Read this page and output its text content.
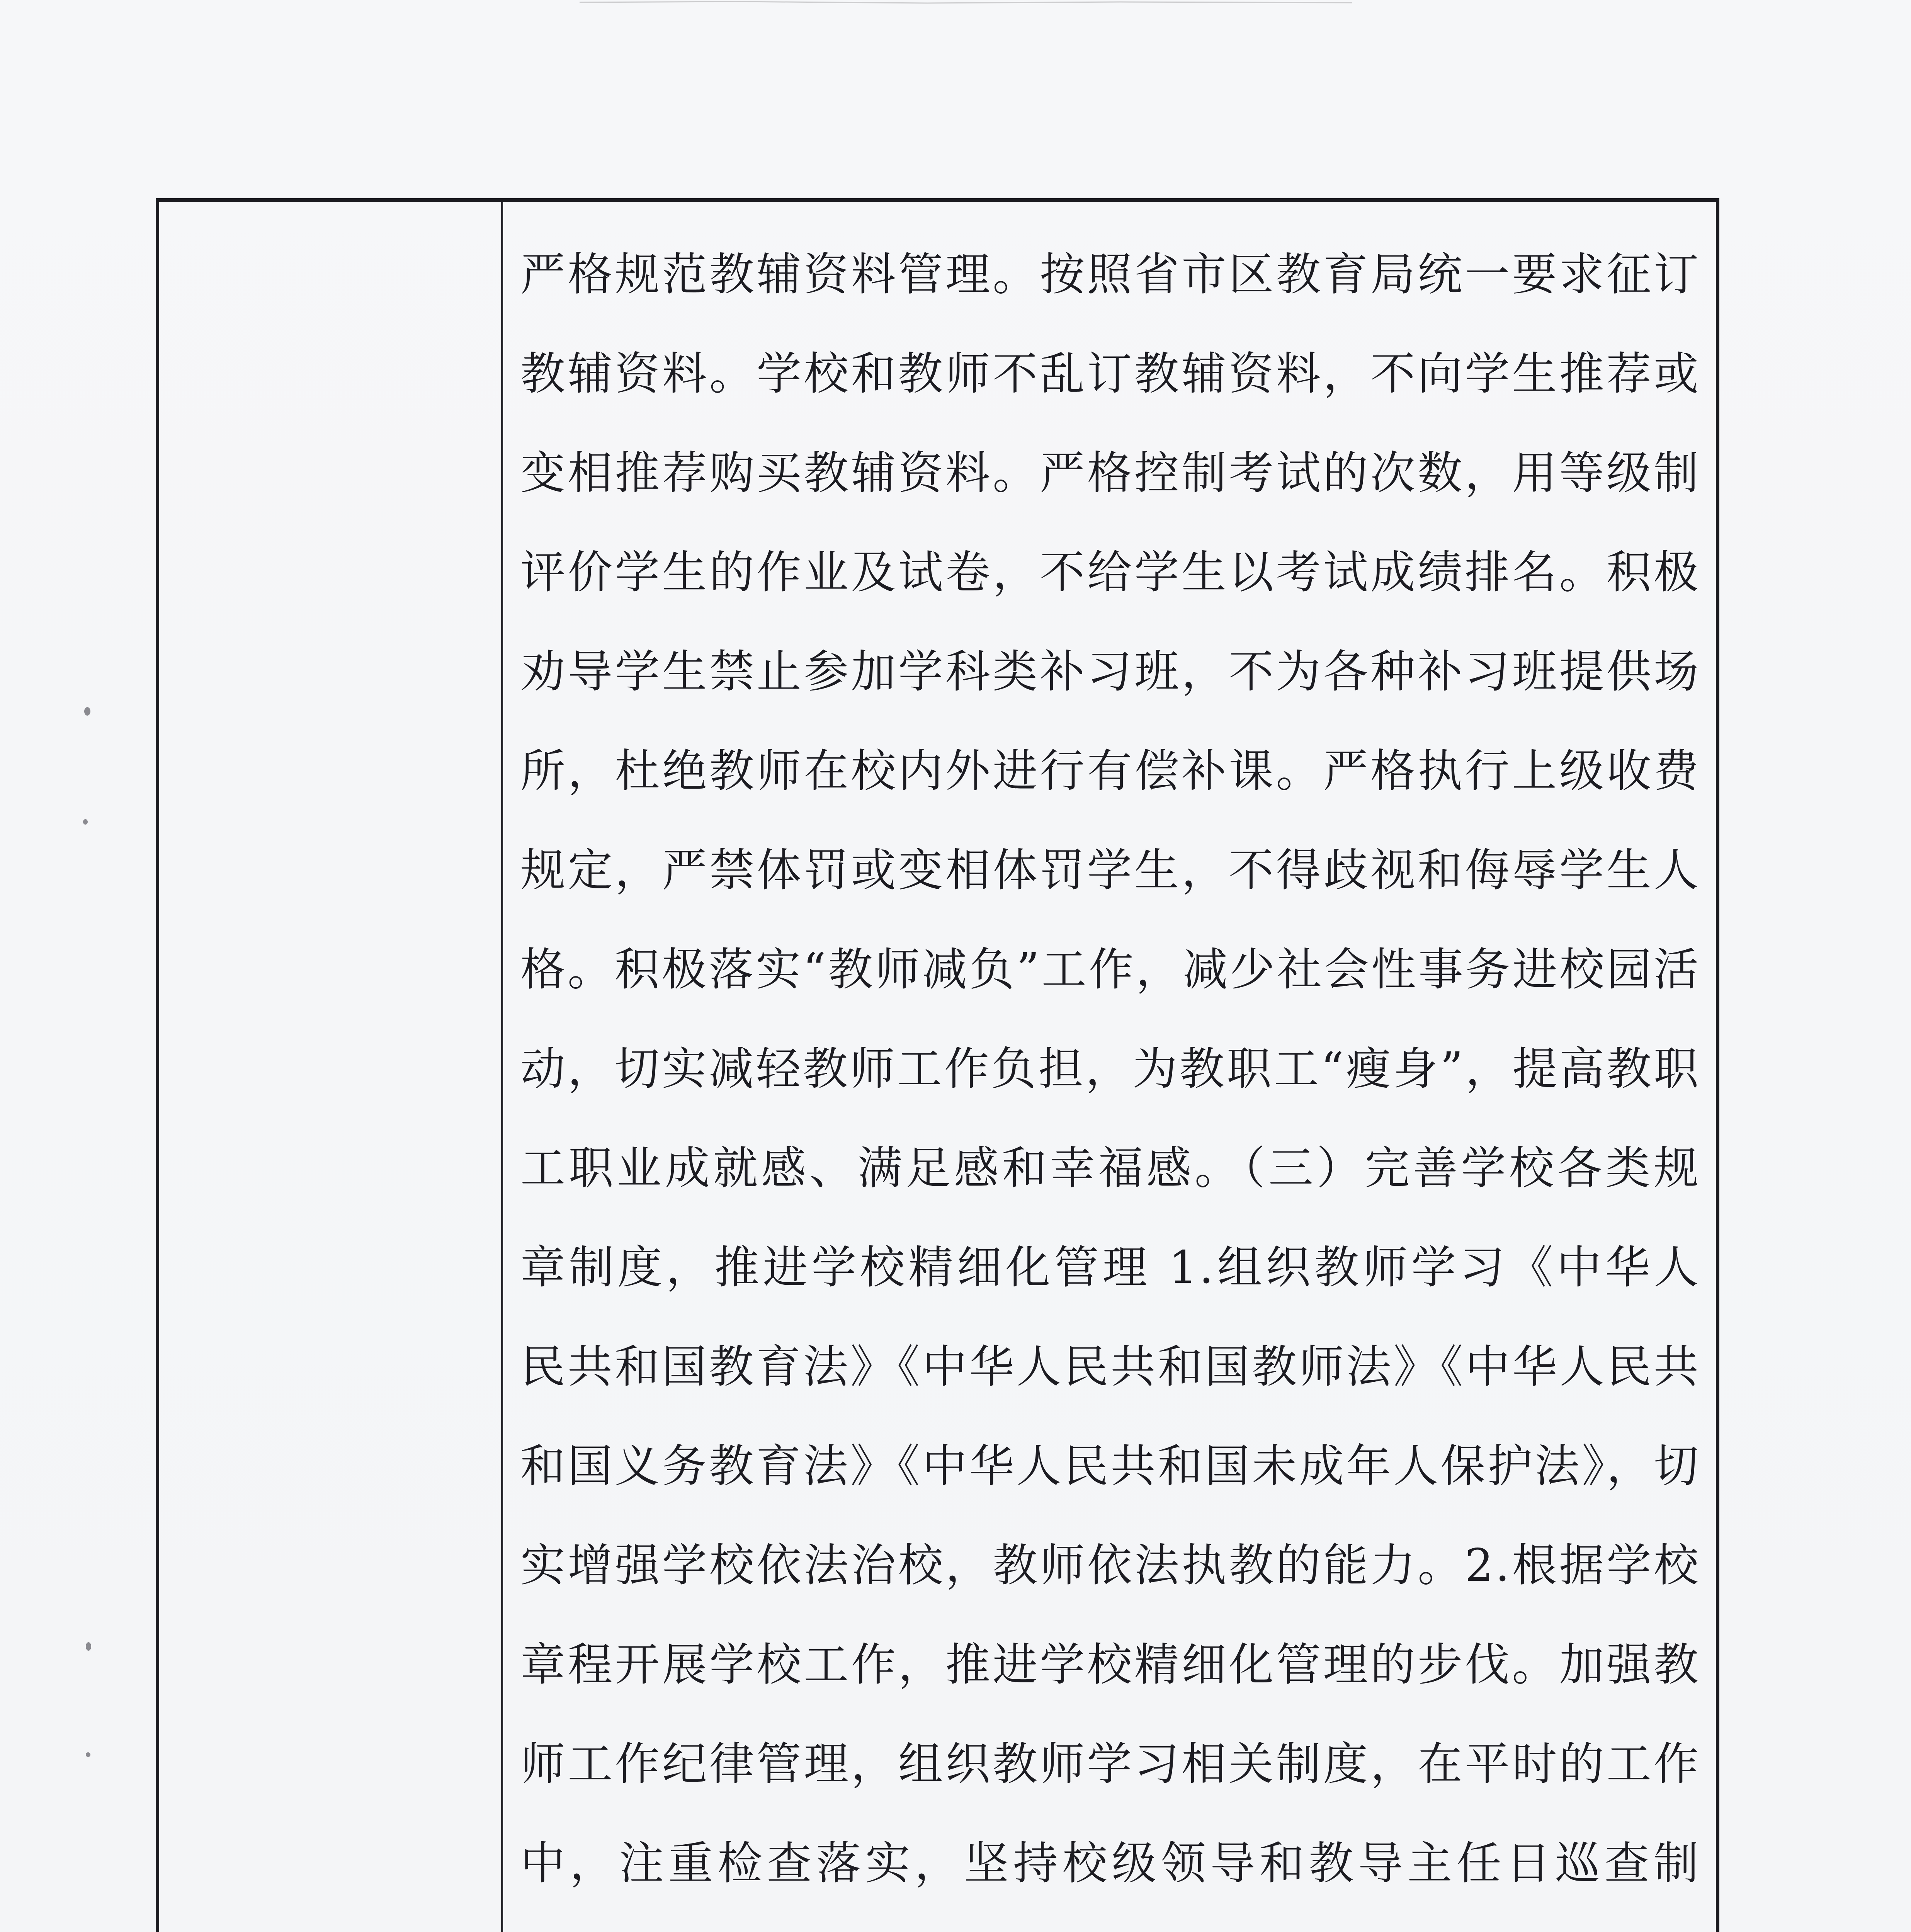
严格规范教辅资料管理。按照省市区教育局统一要求征订教辅资料。学校和教师不乱订教辅资料，不向学生推荐或变相推荐购买教辅资料。严格控制考试的次数，用等级制评价学生的作业及试卷，不给学生以考试成绩排名。积极劝导学生禁止参加学科类补习班，不为各种补习班提供场所，杜绝教师在校内外进行有偿补课。严格执行上级收费规定，严禁体罚或变相体罚学生，不得歧视和侮辱学生人格。积极落实“教师减负”工作，减少社会性事务进校园活动，切实减轻教师工作负担，为教职工“瘦身”，提高教职工职业成就感、满足感和幸福感。（三）完善学校各类规章制度，推进学校精细化管理 1.组织教师学习《中华人民共和国教育法》《中华人民共和国教师法》《中华人民共和国义务教育法》《中华人民共和国未成年人保护法》，切实增强学校依法治校，教师依法执教的能力。2.根据学校章程开展学校工作，推进学校精细化管理的步伐。加强教师工作纪律管理，组织教师学习相关制度，在平时的工作中，注重检查落实，坚持校级领导和教导主任日巡查制
